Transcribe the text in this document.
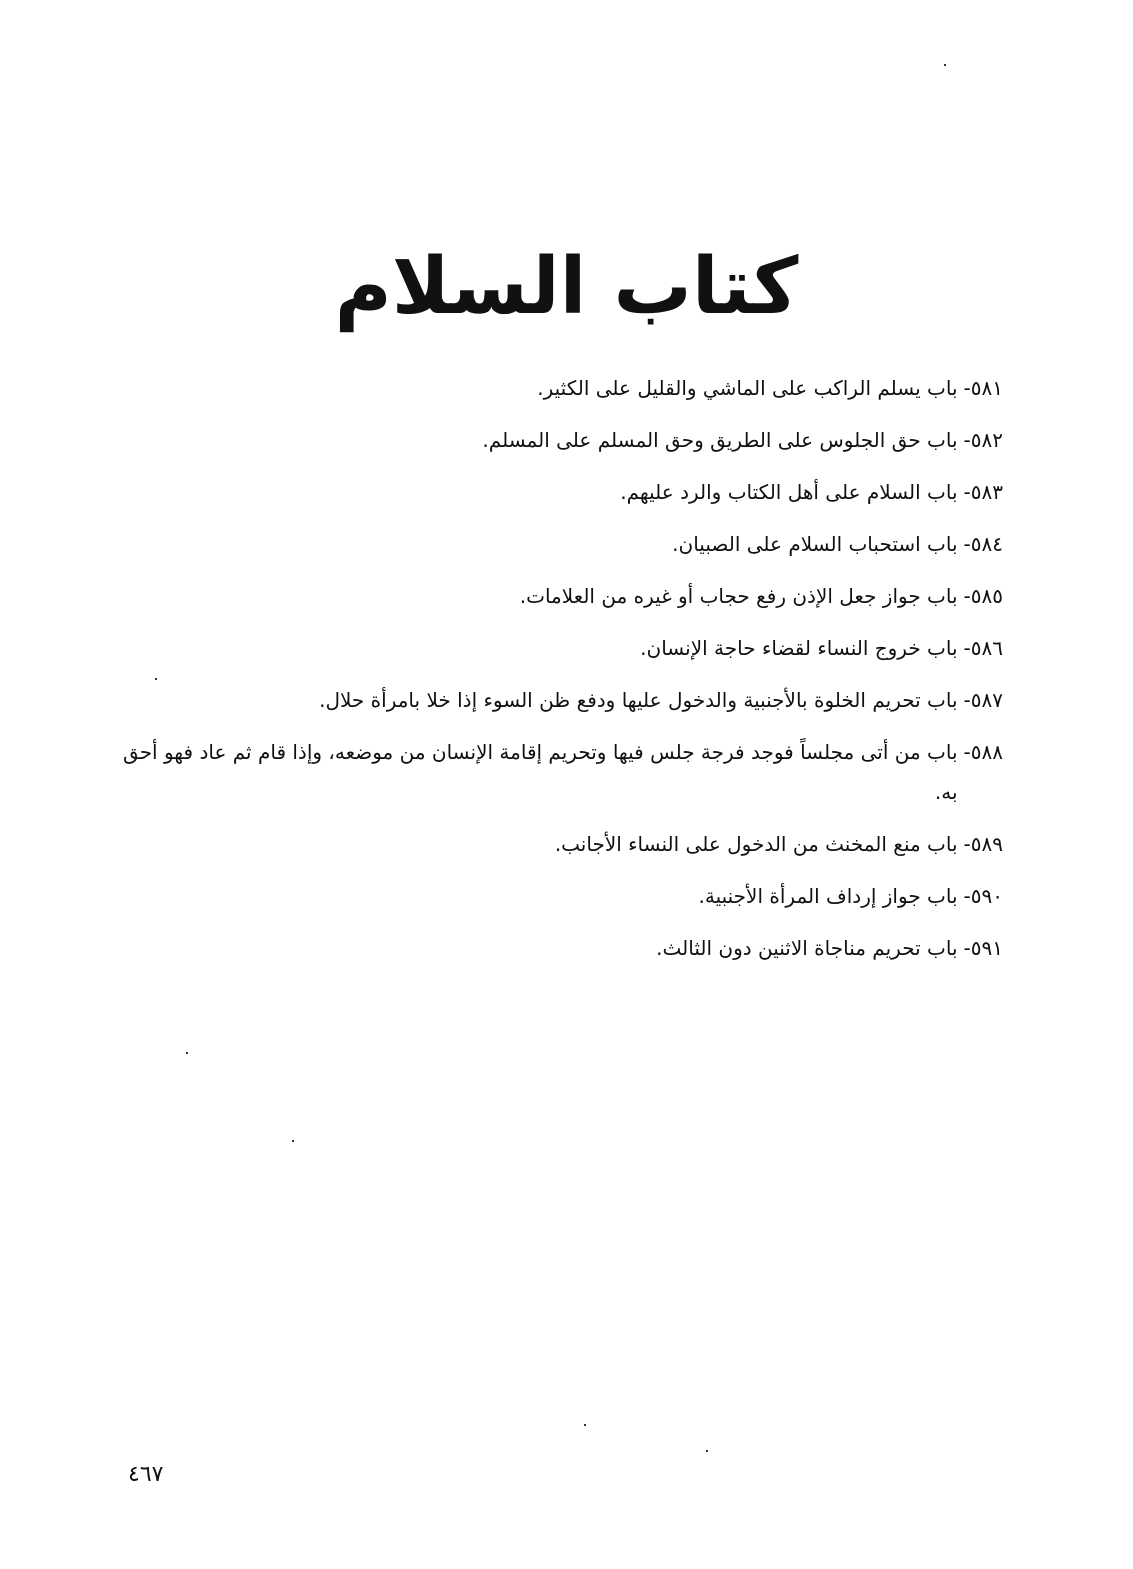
كتاب السلام
٥٨١-
باب يسلم الراكب على الماشي والقليل على الكثير.
٥٨٢-
باب حق الجلوس على الطريق وحق المسلم على المسلم.
٥٨٣-
باب السلام على أهل الكتاب والرد عليهم.
٥٨٤-
باب استحباب السلام على الصبيان.
٥٨٥-
باب جواز جعل الإذن رفع حجاب أو غيره من العلامات.
٥٨٦-
باب خروج النساء لقضاء حاجة الإنسان.
٥٨٧-
باب تحريم الخلوة بالأجنبية والدخول عليها ودفع ظن السوء إذا خلا بامرأة حلال.
٥٨٨-
باب من أتى مجلساً فوجد فرجة جلس فيها وتحريم إقامة الإنسان من موضعه، وإذا قام ثم عاد فهو أحق به.
٥٨٩-
باب منع المخنث من الدخول على النساء الأجانب.
٥٩٠-
باب جواز إرداف المرأة الأجنبية.
٥٩١-
باب تحريم مناجاة الاثنين دون الثالث.
٤٦٧
